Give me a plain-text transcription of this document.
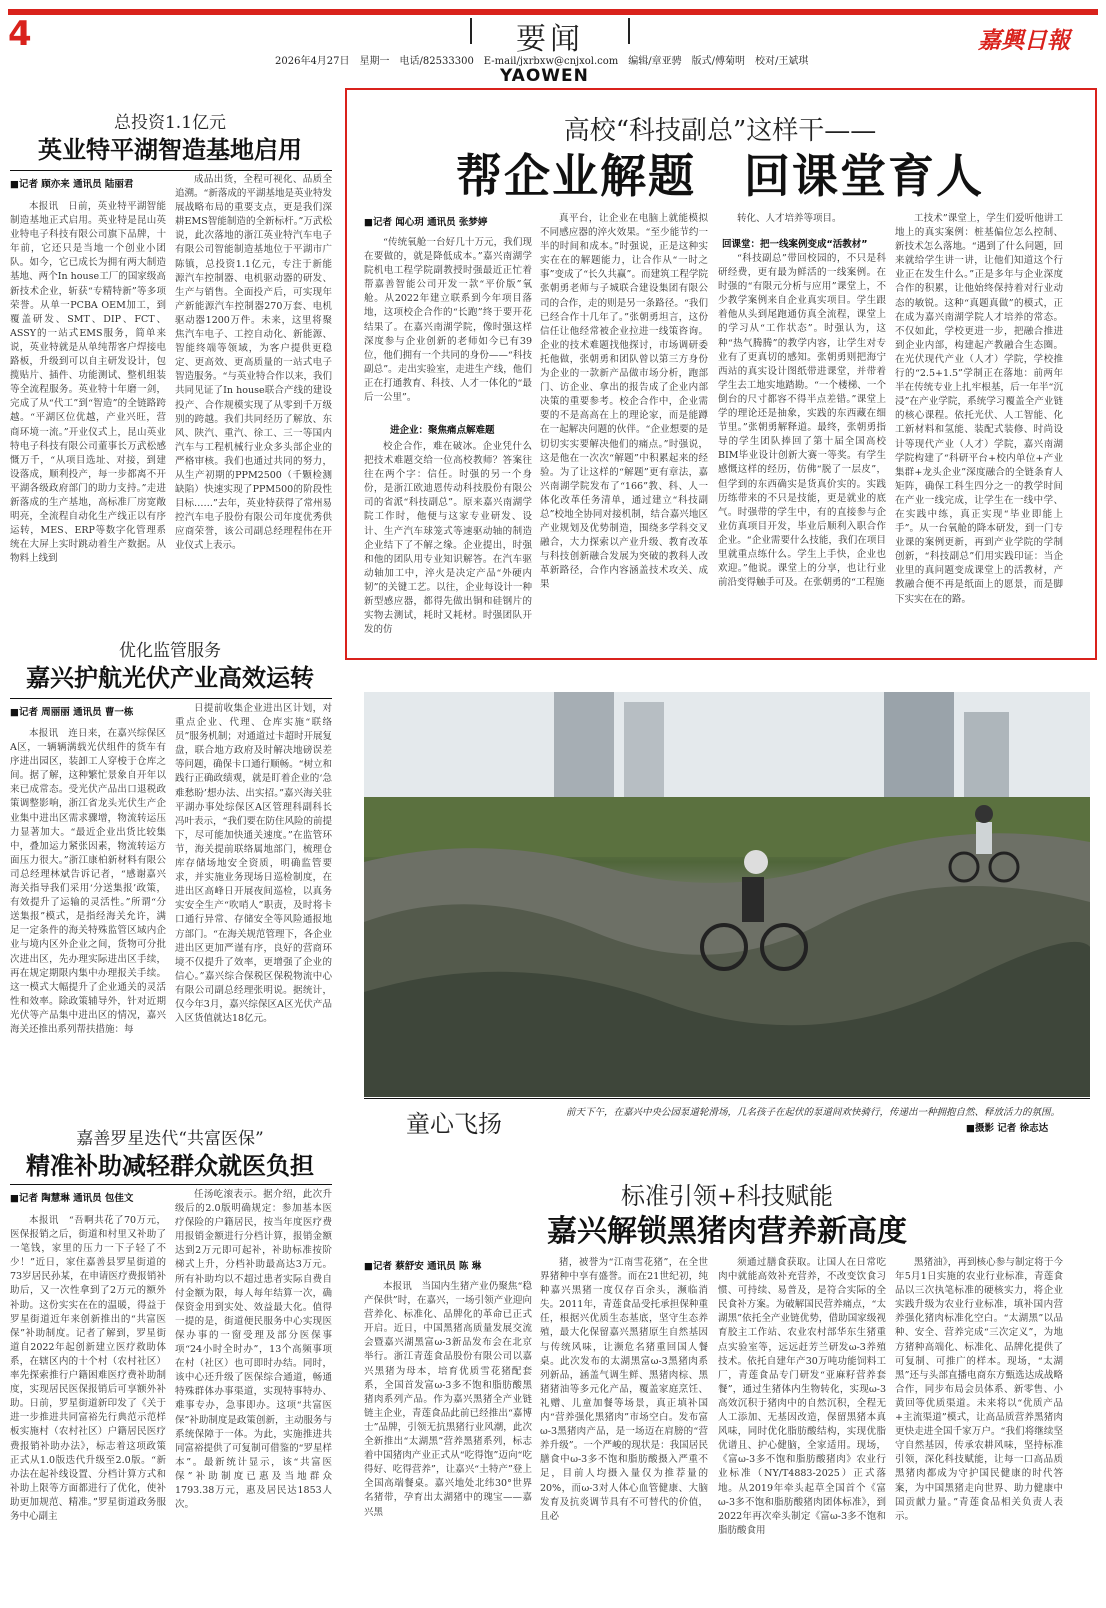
4	要闻
2026年4月27日　星期一　电话/82533300　E-mail/jxrbxw@cnjxol.com　编辑/章亚骋　版式/傅菊明　校对/王斌琪
YAOWEN
嘉興日報
总投资1.1亿元
英业特平湖智造基地启用
■记者 顾亦来 通讯员 陆丽君
本报讯　日前，英业特平湖智能制造基地正式启用。英业特是昆山英业特电子科技有限公司旗下品牌，十年前，它还只是当地一个创业小团队。如今，它已成长为拥有两大制造基地、两个In house工厂的国家级高新技术企业，斩获“专精特新”等多项荣誉。从单一PCBA OEM加工，到覆盖研发、SMT、DIP、FCT、ASSY的一站式EMS服务，简单来说，英业特就是从单纯帮客户焊接电路板，升级到可以自主研发设计，包揽贴片、插件、功能测试、整机组装等全流程服务。英业特十年磨一剑，完成了从“代工”到“智造”的全链路跨越。“平湖区位优越，产业兴旺，营商环境一流。”开业仪式上，昆山英业特电子科技有限公司董事长万武松感慨万千，“从项目选址、对接，到建设落成，顺利投产，每一步都离不开平湖各级政府部门的助力支持。”走进新落成的生产基地，高标准厂房宽敞明亮，全流程自动化生产线正以有序运转，MES、ERP等数字化管理系统在大屏上实时跳动着生产数据。从物料上线到
成品出货，全程可视化、品质全追溯。“新落成的平湖基地是英业特发展战略布局的重要支点，更是我们深耕EMS智能制造的全新标杆。”万武松说，此次落地的浙江英业特汽车电子有限公司智能制造基地位于平湖市广陈镇，总投资1.1亿元，专注于新能源汽车控制器、电机驱动器的研发、生产与销售。全面投产后，可实现年产新能源汽车控制器270万套、电机驱动器1200万件。未来，这里将聚焦汽车电子、工控自动化、新能源、智能终端等领域，为客户提供更稳定、更高效、更高质量的一站式电子智造服务。“与英业特合作以来，我们共同见证了In house联合产线的建设投产、合作规模实现了从零到千万级别的跨越。我们共同经历了解放、东风、陕汽、重汽、徐工、三一等国内汽车与工程机械行业众多头部企业的严格审核。我们也通过共同的努力，从生产初期的PPM2500（千颗检测缺陷）快速实现了PPM500的阶段性目标……”去年，英业特获得了常州易控汽车电子股份有限公司年度优秀供应商荣誉，该公司副总经理程伟在开业仪式上表示。
优化监管服务
嘉兴护航光伏产业高效运转
■记者 周丽丽 通讯员 曹一栋
本报讯　连日来，在嘉兴综保区A区，一辆辆满载光伏组件的货车有序进出园区，装卸工人穿梭于仓库之间。据了解，这种繁忙景象自开年以来已成常态。受光伏产品出口退税政策调整影响，浙江省龙头光伏生产企业集中进出区需求骤增，物流转运压力显著加大。“最近企业出货比较集中，叠加运力紧张因素，物流转运方面压力很大。”浙江康柏新材料有限公司总经理林斌告诉记者，“感谢嘉兴海关指导我们采用‘分送集报’政策，有效提升了运输的灵活性。”所谓“分送集报”模式，是指经海关允许，满足一定条件的海关特殊监管区域内企业与境内区外企业之间，货物可分批次进出区，先办理实际进出区手续，再在规定期限内集中办理报关手续。这一模式大幅提升了企业通关的灵活性和效率。除政策辅导外，针对近期光伏等产品集中进出区的情况，嘉兴海关还推出系列帮扶措施：每
日提前收集企业进出区计划，对重点企业、代理、仓库实施“联络员”服务机制；对通道过卡超时开展复盘，联合地方政府及时解决地磅误差等问题，确保卡口通行顺畅。“树立和践行正确政绩观，就是盯着企业的‘急难愁盼’想办法、出实招。”嘉兴海关驻平湖办事处综保区A区管理科副科长冯叶表示，“我们要在防住风险的前提下，尽可能加快通关速度。”在监管环节，海关提前联络属地部门，梳理仓库存储场地安全资质，明确监管要求，并实施业务现场日巡检制度，在进出区高峰日开展夜间巡检，以真务实安全生产“吹哨人”职责，及时将卡口通行异常、存储安全等风险通报地方部门。“在海关规范管理下，各企业进出区更加严谨有序，良好的营商环境不仅提升了效率，更增强了企业的信心。”嘉兴综合保税区保税物流中心有限公司副总经理张明说。据统计，仅今年3月，嘉兴综保区A区光伏产品入区货值就达18亿元。
嘉善罗星迭代“共富医保”
精准补助减轻群众就医负担
■记者 陶慧琳 通讯员 包佳文
本报讯　“吾啊共花了70万元，医保报销之后，街道和村里又补助了一笔钱，家里的压力一下子轻了不少！”近日，家住嘉善县罗星街道的73岁居民孙某，在申请医疗费报销补助后，又一次性拿到了2万元的额外补助。这份实实在在的温暖，得益于罗星街道近年来创新推出的“共富医保”补助制度。记者了解到，罗星街道自2022年起创新建立医疗救助体系，在辖区内的十个村（农村社区）率先探索推行户籍困难医疗费补助制度，实现居民医保报销后可享额外补助。日前，罗星街道新印发了《关于进一步推进共同富裕先行典范示范样板实施村（农村社区）户籍居民医疗费报销补助办法》，标志着这项政策正式从1.0版迭代升级至2.0版。“新办法在起补线设置、分档计算方式和补助上限等方面都进行了优化，使补助更加规范、精准。”罗星街道政务服务中心副主
任汤屹滚表示。据介绍，此次升级后的2.0版明确规定：参加基本医疗保险的户籍居民，按当年度医疗费用报销金额进行分档计算，报销金额达到2万元即可起补，补助标准按阶梯式上升，分档补助最高达3万元。所有补助均以不超过患者实际自费自付金额为限，每人每年结算一次，确保资金用到实处、效益最大化。值得一提的是，街道便民服务中心实现医保办事的一窗受理及部分医保事项“24小时全时办”，13个高频事项在村（社区）也可即时办结。同时，该中心还升级了医保综合通道，畅通特殊群体办事渠道，实现特事特办、难事专办，急事即办。这项“共富医保”补助制度是政策创新，主动服务与系统保障于一体。为此，实施推进共同富裕提供了可复制可借鉴的“罗星样本”。最新统计显示，该“共富医保”补助制度已惠及当地群众1793.38万元，惠及居民达1853人次。
高校“科技副总”这样干——
帮企业解题　回课堂育人
■记者 闻心玥 通讯员 张梦婷
“传统氧舱一台好几十万元，我们现在要做的，就是降低成本。”嘉兴南湖学院机电工程学院副教授时强最近正忙着帮嘉善智能公司开发一款“平价版”氧舱。从2022年建立联系到今年项目落地，这项校企合作的“长跑”终于要开花结果了。在嘉兴南湖学院，像时强这样深度参与企业创新的老师如今已有39位，他们拥有一个共同的身份——“科技副总”。走出实验室，走进生产线，他们正在打通教育、科技、人才一体化的“最后一公里”。
进企业：聚焦痛点解难题
校企合作，难在破冰。企业凭什么把技术难题交给一位高校教师？答案往往在两个字：信任。时强的另一个身份，是浙江欧迪恩传动科技股份有限公司的省派“科技副总”。原来嘉兴南湖学院工作时，他便与这家专业研发、设计、生产汽车球笼式等速驱动轴的制造企业结下了不解之缘。企业提出，时强和他的团队用专业知识解答。在汽车驱动轴加工中，淬火是决定产品“外硬内韧”的关键工艺。以往，企业每设计一种新型感应器，都得先做出铜和硅钢片的实物去测试，耗时又耗材。时强团队开发的仿
真平台，让企业在电脑上就能模拟不同感应器的淬火效果。“至少能节约一半的时间和成本。”时强说，正是这种实实在在的解题能力，让合作从“一时之事”变成了“长久共赢”。而建筑工程学院张朝勇老师与子城联合建设集团有限公司的合作，走的则是另一条路径。“我们已经合作十几年了。”张朝勇坦言，这份信任让他经常被企业拉进一线策咨询。企业的技术难题找他探讨，市场调研委托他做，张朝勇和团队曾以第三方身份为企业的一款新产品做市场分析，跑部门、访企业、拿出的报告成了企业内部决策的重要参考。校企合作中，企业需要的不是高高在上的理论家，而是能蹲在一起解决问题的伙伴。“企业想要的是切切实实要解决他们的痛点。”时强说，这是他在一次次“解题”中积累起来的经验。为了让这样的“解题”更有章法，嘉兴南湖学院发布了“166”教、科、人一体化改革任务清单，通过建立“科技副总”校地全协同对接机制，结合嘉兴地区产业规划及优势制造，围绕多学科交叉融合，大力探索以产业升级、教育改革与科技创新融合发展为突破的教科人改革新路径，合作内容涵盖技术攻关、成果
转化、人才培养等项目。
回课堂：把一线案例变成“活教材”
“科技副总”带回校园的，不只是科研经费，更有最为鲜活的一线案例。在时强的“有限元分析与应用”课堂上，不少教学案例来自企业真实项目。学生跟着他从头到尾跑通仿真全流程，课堂上的学习从“工作状态”。时强认为，这种“热气腾腾”的教学内容，让学生对专业有了更真切的感知。张朝勇则把海宁西站的真实设计图纸带进课堂，并带着学生去工地实地踏勘。“一个楼梯、一个倒台的尺寸都容不得半点差错。”课堂上学的理论还是抽象，实践的东西藏在细节里。”张朝勇解释道。最终，张朝勇指导的学生团队捧回了第十届全国高校BIM毕业设计创新大赛一等奖。有学生感慨这样的经历，仿佛“脱了一层皮”，但学到的东西确实是货真价实的。实践历练带来的不只是技能，更是就业的底气。时强带的学生中，有的直接参与企业仿真项目开发，毕业后顺利入职合作企业。“企业需要什么技能，我们在项目里就重点练什么。学生上手快，企业也欢迎。”他说。课堂上的分享，也让行业前沿变得触手可及。在张朝勇的“工程施
工技术”课堂上，学生们爱听他讲工地上的真实案例：桩基偏位怎么控制、新技术怎么落地。“遇到了什么问题，回来就给学生讲一讲，让他们知道这个行业正在发生什么。”正是多年与企业深度合作的积累，让他始终保持着对行业动态的敏锐。这种“真题真做”的模式，正在成为嘉兴南湖学院人才培养的常态。不仅如此，学校更进一步，把融合推进到企业内部，构建起产教融合生态圈。在光伏现代产业（人才）学院，学校推行的“2.5+1.5”学制正在落地：前两年半在传统专业上扎牢根基，后一年半“沉浸”在产业学院，系统学习覆盖全产业链的核心课程。依托光伏、人工智能、化工新材料和氢能、装配式装修、时尚设计等现代产业（人才）学院，嘉兴南湖学院构建了“科研平台+校内单位+产业集群+龙头企业”深度融合的全链条育人矩阵，确保工科生四分之一的教学时间在产业一线完成，让学生在一线中学、在实践中练，真正实现“毕业即能上手”。从一台氧舱的降本研发，到一门专业课的案例更新，再到产业学院的学制创新，“科技副总”们用实践印证：当企业里的真问题变成课堂上的活教材，产教融合便不再是纸面上的愿景，而是脚下实实在在的路。
童心飞扬	前天下午，在嘉兴中央公园泵道轮滑场，几名孩子在起伏的泵道间欢快骑行，传递出一种拥抱自然、释放活力的氛围。
■摄影 记者 徐志达
标准引领+科技赋能
嘉兴解锁黑猪肉营养新高度
■记者 蔡舒安 通讯员 陈 琳
本报讯　当国内生猪产业仍聚焦“稳产保供”时，在嘉兴，一场引领产业迎向营养化、标准化、品牌化的革命已正式开启。近日，中国黑猪高质量发展交流会暨嘉兴湖黑富ω-3新品发布会在北京举行。浙江青莲食品股份有限公司以嘉兴黑猪为母本，培育优质雪花猪配套系，全国首发富ω-3多不饱和脂肪酸黑猪肉系列产品。作为嘉兴黑猪全产业链链主企业，青莲食品此前已经推出“嘉博士”品牌，引领无抗黑猪行业风潮，此次全新推出“太湖黑”营养黑猪系列，标志着中国猪肉产业正式从“吃得饱”迈向“吃得好、吃得营养”，让嘉兴“土特产”登上全国高端餐桌。嘉兴地处北纬30°世界名猪带，孕育出太湖猪中的瑰宝——嘉兴黑
猪，被誉为“江南雪花猪”，在全世界猪种中享有盛誉。而在21世纪初，纯种嘉兴黑猪一度仅存百余头，濒临消失。2011年，青莲食品受托承担保种重任，根据兴优质生态基底，坚守生态养殖，最大化保留嘉兴黑猪原生自然基因与传统风味，让濒危名猪重回国人餐桌。此次发布的太湖黑富ω-3黑猪肉系列新品，涵盖气调生鲜、黑猪肉棕、黑猪猪油等多元化产品，覆盖家庭烹饪、礼赠、儿童加餐等场景，真正填补国内“营养强化黑猪肉”市场空白。发布富ω-3黑猪肉产品，是一场迈在肩膀的“营养升级”。一个严峻的现状是：我国居民膳食中ω-3多不饱和脂肪酸摄入严重不足，目前人均摄入量仅为推荐量的20%，而ω-3对人体心血管健康、大脑发育及抗炎调节具有不可替代的价值，且必
须通过膳食获取。让国人在日常吃肉中就能高效补充营养，不改变饮食习惯、可持续、易普及，是符合实际的全民食补方案。为破解国民营养痛点，“太湖黑”依托全产业链优势，借助国家级视育胶主工作站、农业农村部华东生猪重点实验室等，远远赶芳兰研发ω-3养殖技术。依托自建年产30万吨功能饲料工厂，青莲食品专门研发“亚麻籽营养套餐”，通过生猪体内生物转化，实现ω-3高效沉积于猪肉中的自然沉积，全程无人工添加、无基因改造，保留黑猪本真风味，同时优化脂肪酸结构，实现优脂优谱且、护心健脑，全家适用。现场，《富ω-3多不饱和脂肪酸猪肉》农业行业标准（NY/T4883-2025）正式落地。从2019年牵头起草全国首个《富ω-3多不饱和脂肪酸猪肉团体标准》，到2022年再次牵头制定《富ω-3多不饱和脂肪酸食用
黑猪油》，再到核心参与制定将于今年5月1日实施的农业行业标准，青莲食品以三次执笔标准的硬核实力，将企业实践升级为农业行业标准，填补国内营养强化猪肉标准化空白。“太湖黑”以品种、安全、营养完成“三次定义”，为地方猪种高端化、标准化、品牌化提供了可复制、可推广的样本。现场，“太湖黑”还与头部直播电商东方甄选达成战略合作，同步布局会员体系、新零售、小黄回等优质渠道。未来将以“优质产品+主流渠道”模式，让高品质营养黑猪肉更快走进全国千家万户。“我们将继续坚守自然基因，传承农耕风味，坚持标准引领，深化科技赋能，让每一口高品质黑猪肉都成为守护国民健康的时代答案，为中国黑猪走向世界、助力健康中国贡献力量。”青莲食品相关负责人表示。
